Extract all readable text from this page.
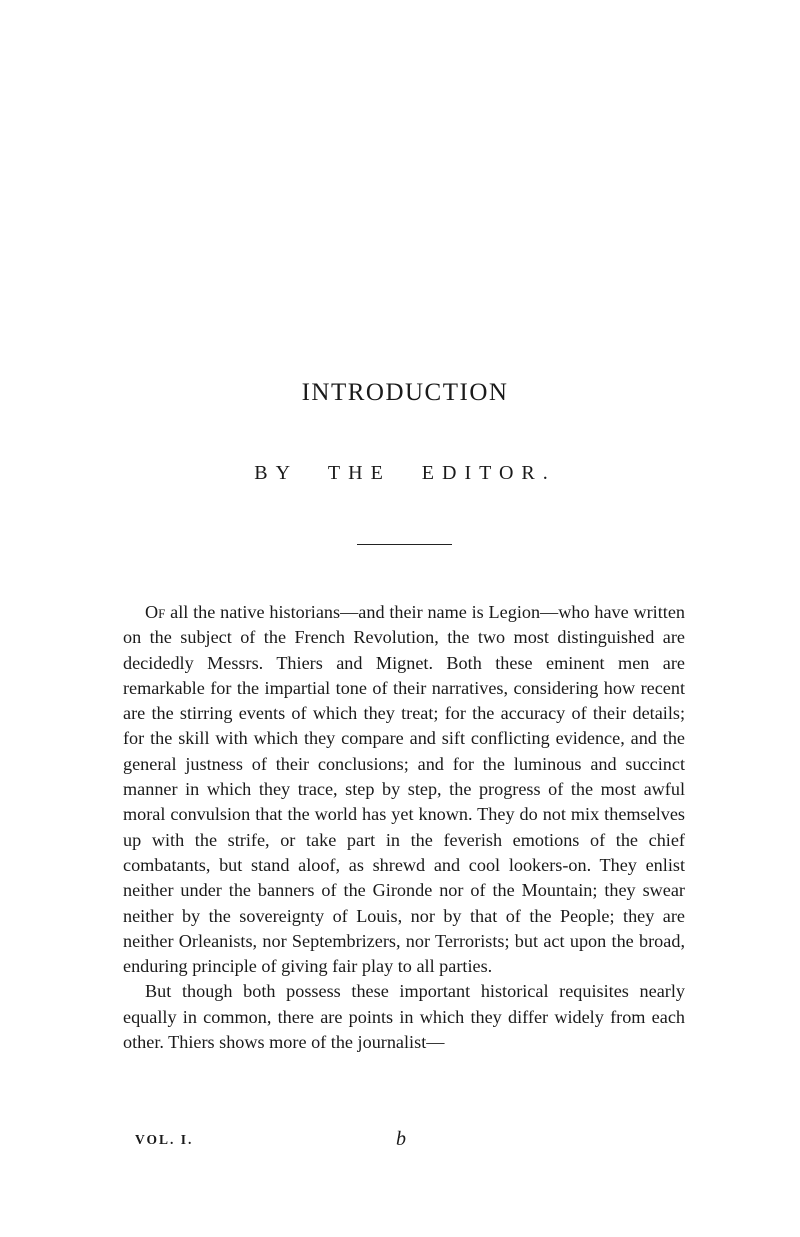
INTRODUCTION
BY THE EDITOR.

Of all the native historians—and their name is Legion—who have written on the subject of the French Revolution, the two most distinguished are decidedly Messrs. Thiers and Mignet. Both these eminent men are remarkable for the impartial tone of their narratives, considering how recent are the stirring events of which they treat; for the accuracy of their details; for the skill with which they compare and sift conflicting evidence, and the general justness of their conclusions; and for the luminous and succinct manner in which they trace, step by step, the progress of the most awful moral convulsion that the world has yet known. They do not mix themselves up with the strife, or take part in the feverish emotions of the chief combatants, but stand aloof, as shrewd and cool lookers-on. They enlist neither under the banners of the Gironde nor of the Mountain; they swear neither by the sovereignty of Louis, nor by that of the People; they are neither Orleanists, nor Septembrizers, nor Terrorists; but act upon the broad, enduring principle of giving fair play to all parties.

But though both possess these important historical requisites nearly equally in common, there are points in which they differ widely from each other. Thiers shows more of the journalist—

VOL. I.	b
